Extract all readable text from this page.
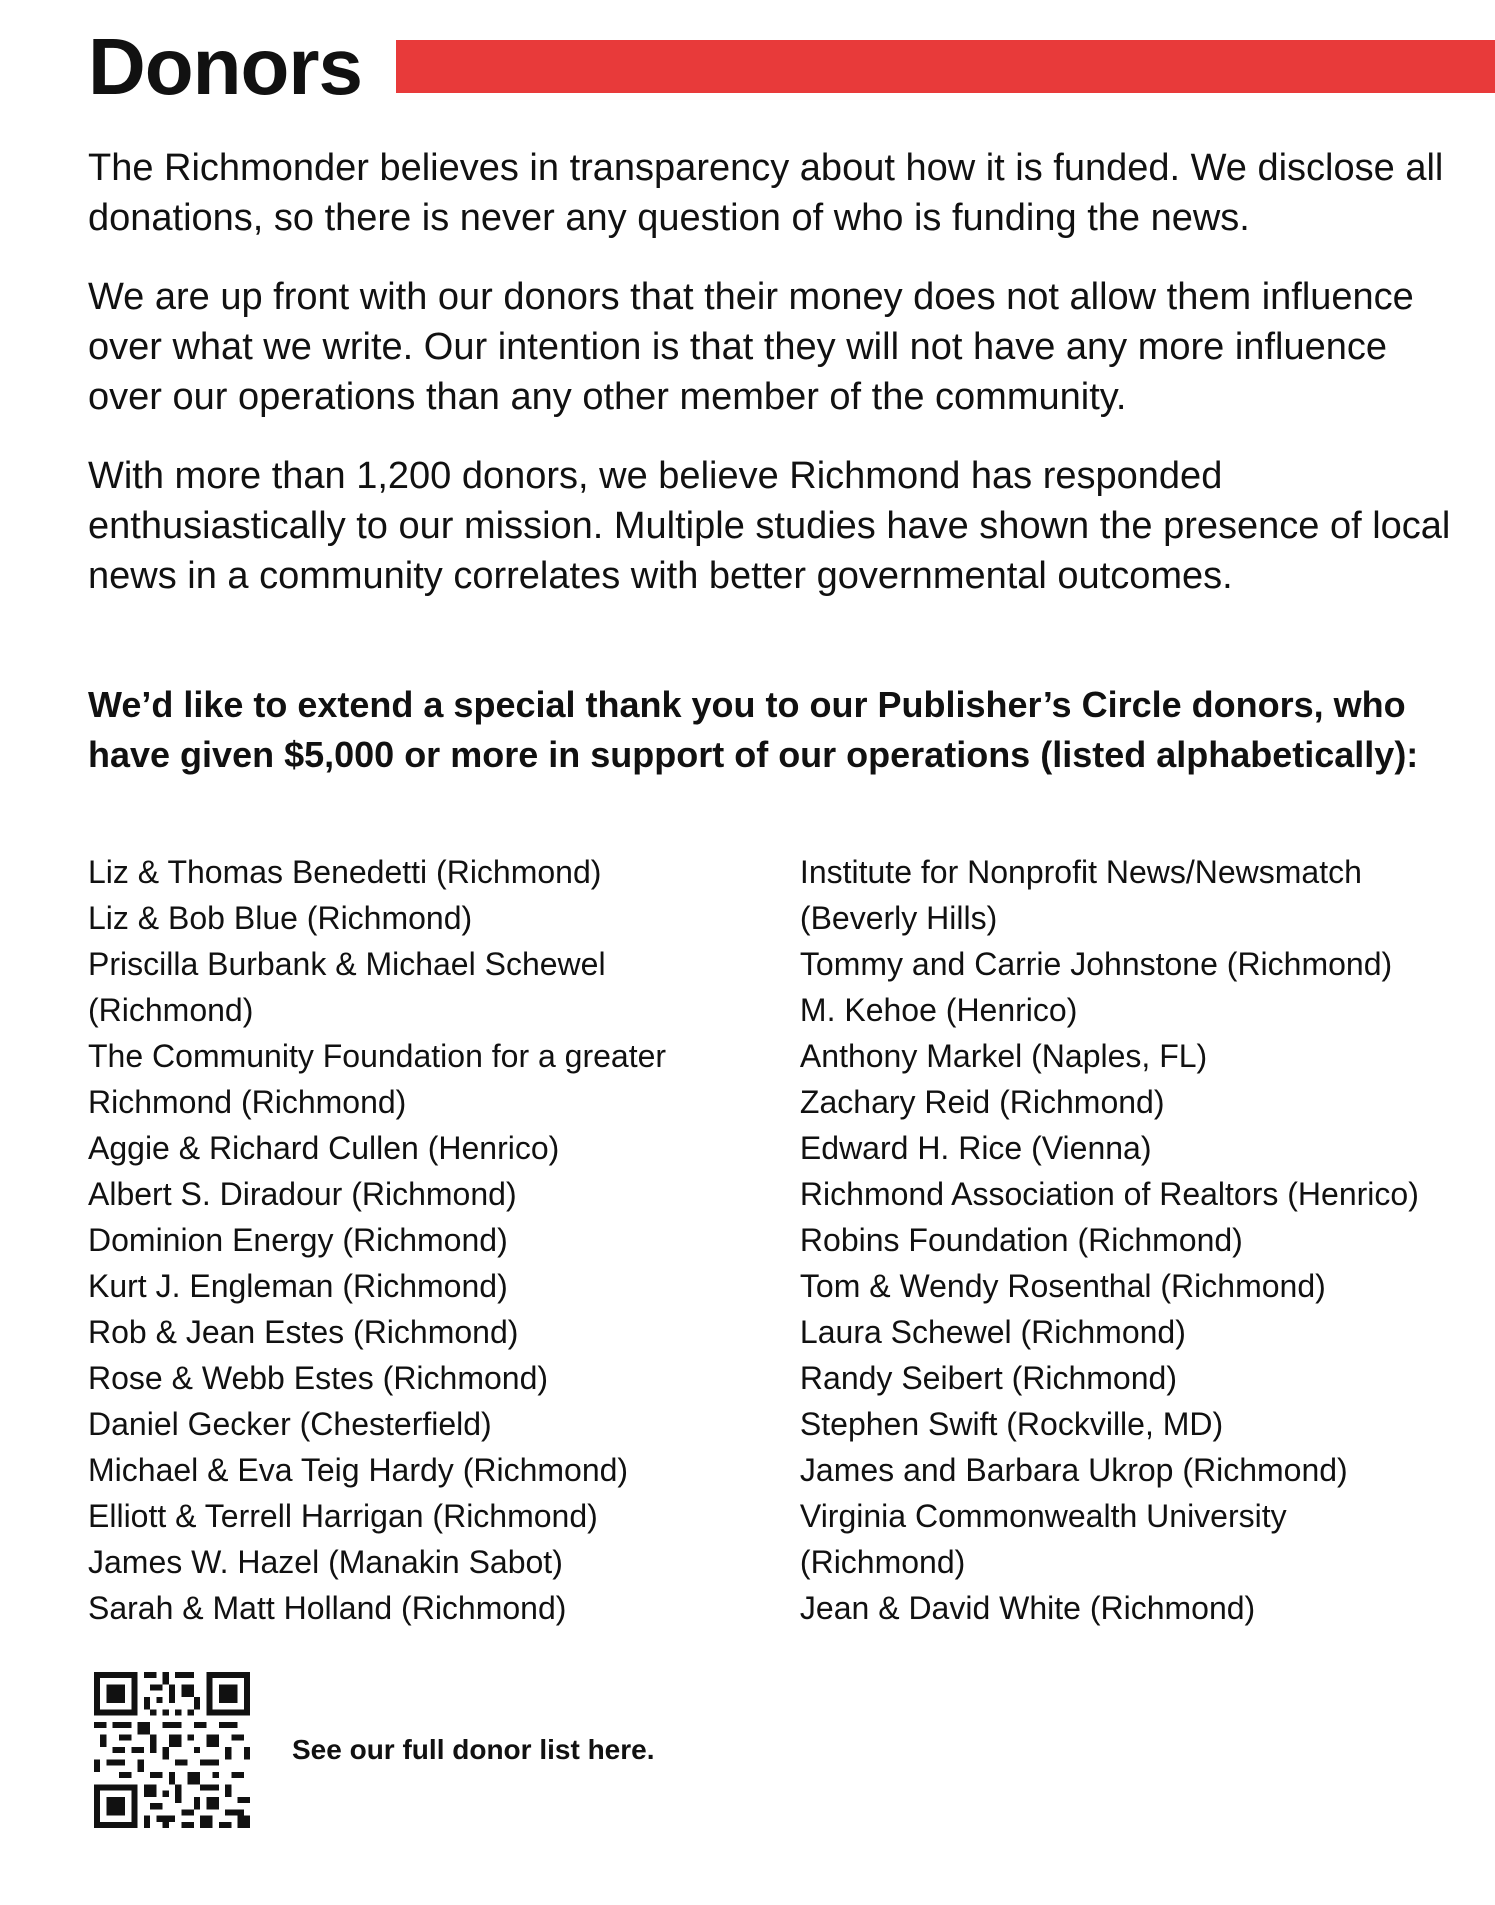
Donors

The Richmonder believes in transparency about how it is funded. We disclose all donations, so there is never any question of who is funding the news.

We are up front with our donors that their money does not allow them influence over what we write. Our intention is that they will not have any more influence over our operations than any other member of the community.

With more than 1,200 donors, we believe Richmond has responded enthusiastically to our mission. Multiple studies have shown the presence of local news in a community correlates with better governmental outcomes.

We’d like to extend a special thank you to our Publisher’s Circle donors, who have given $5,000 or more in support of our operations (listed alphabetically):

Liz & Thomas Benedetti (Richmond)
Liz & Bob Blue (Richmond)
Priscilla Burbank & Michael Schewel (Richmond)
The Community Foundation for a greater Richmond (Richmond)
Aggie & Richard Cullen (Henrico)
Albert S. Diradour (Richmond)
Dominion Energy (Richmond)
Kurt J. Engleman (Richmond)
Rob & Jean Estes (Richmond)
Rose & Webb Estes (Richmond)
Daniel Gecker (Chesterfield)
Michael & Eva Teig Hardy (Richmond)
Elliott & Terrell Harrigan (Richmond)
James W. Hazel (Manakin Sabot)
Sarah & Matt Holland (Richmond)
Institute for Nonprofit News/Newsmatch (Beverly Hills)
Tommy and Carrie Johnstone (Richmond)
M. Kehoe (Henrico)
Anthony Markel (Naples, FL)
Zachary Reid (Richmond)
Edward H. Rice (Vienna)
Richmond Association of Realtors (Henrico)
Robins Foundation (Richmond)
Tom & Wendy Rosenthal (Richmond)
Laura Schewel (Richmond)
Randy Seibert (Richmond)
Stephen Swift (Rockville, MD)
James and Barbara Ukrop (Richmond)
Virginia Commonwealth University (Richmond)
Jean & David White (Richmond)
See our full donor list here.
